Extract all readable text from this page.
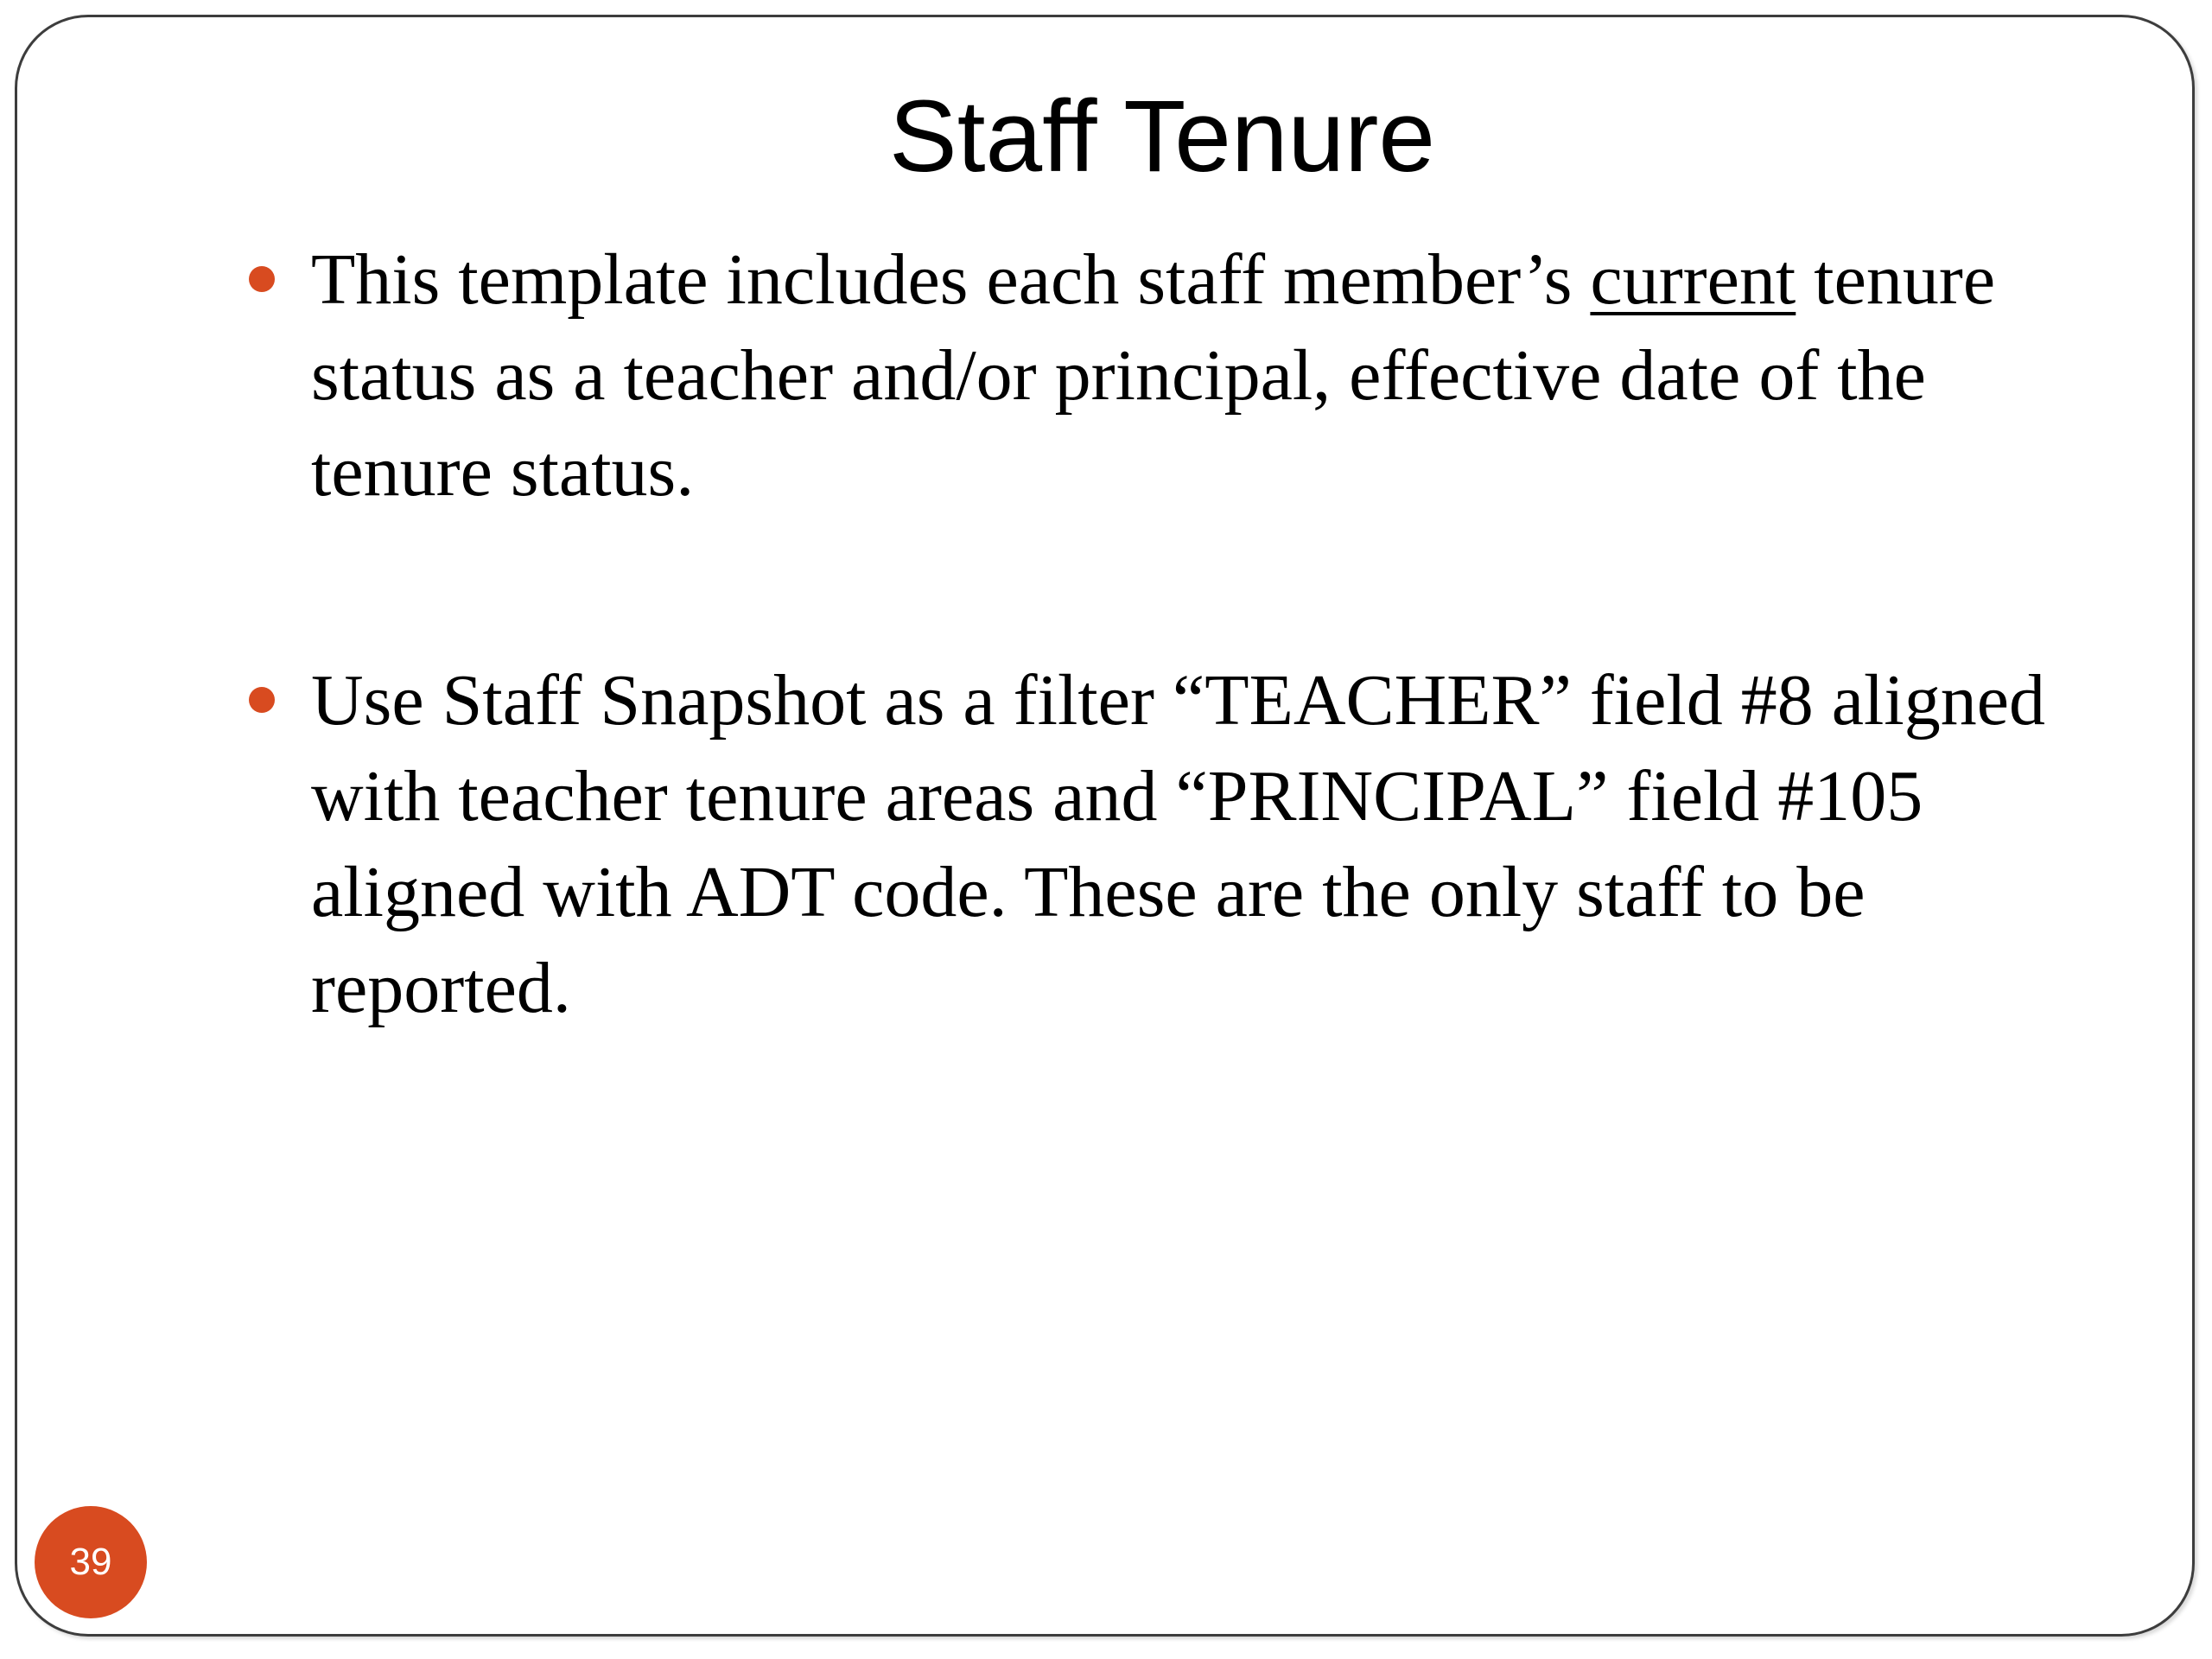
Staff Tenure
This template includes each staff member’s current tenure status as a teacher and/or principal, effective date of the tenure status.
Use Staff Snapshot as a filter “TEACHER” field #8 aligned with teacher tenure areas and “PRINCIPAL” field #105 aligned with ADT code. These are the only staff to be reported.
39
